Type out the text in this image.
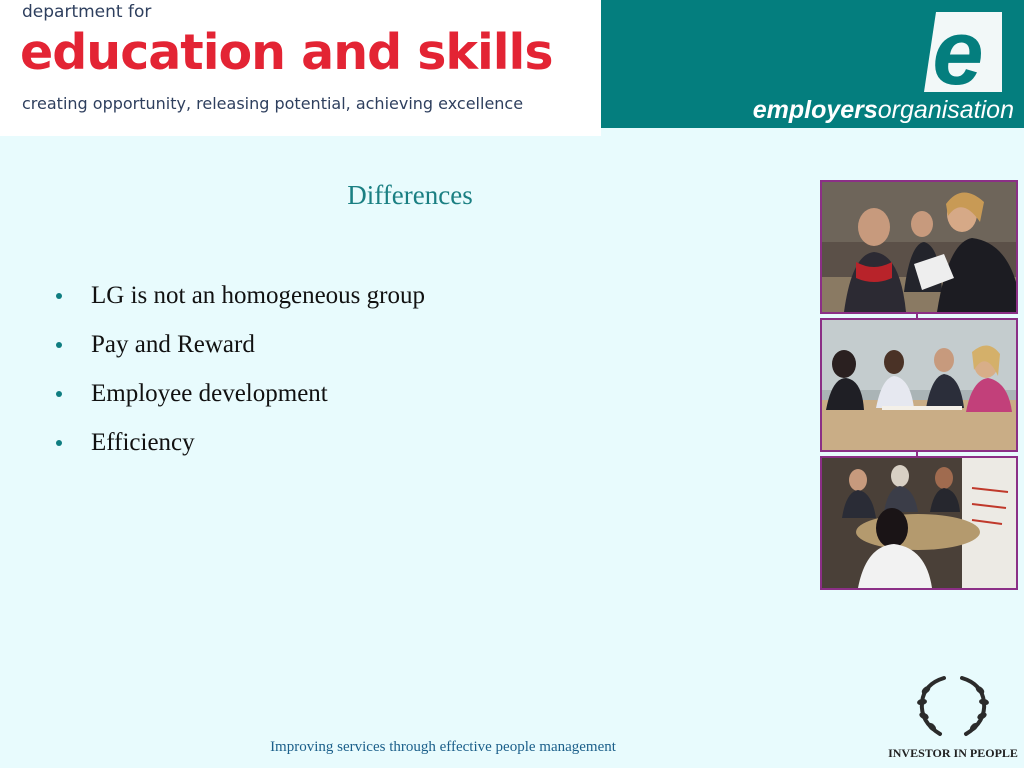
department for
education and skills
creating opportunity, releasing potential, achieving excellence	e
employersorganisation
Differences
LG is not an homogeneous group
Pay and Reward
Employee development
Efficiency
Improving services through effective people management	INVESTOR IN PEOPLE
